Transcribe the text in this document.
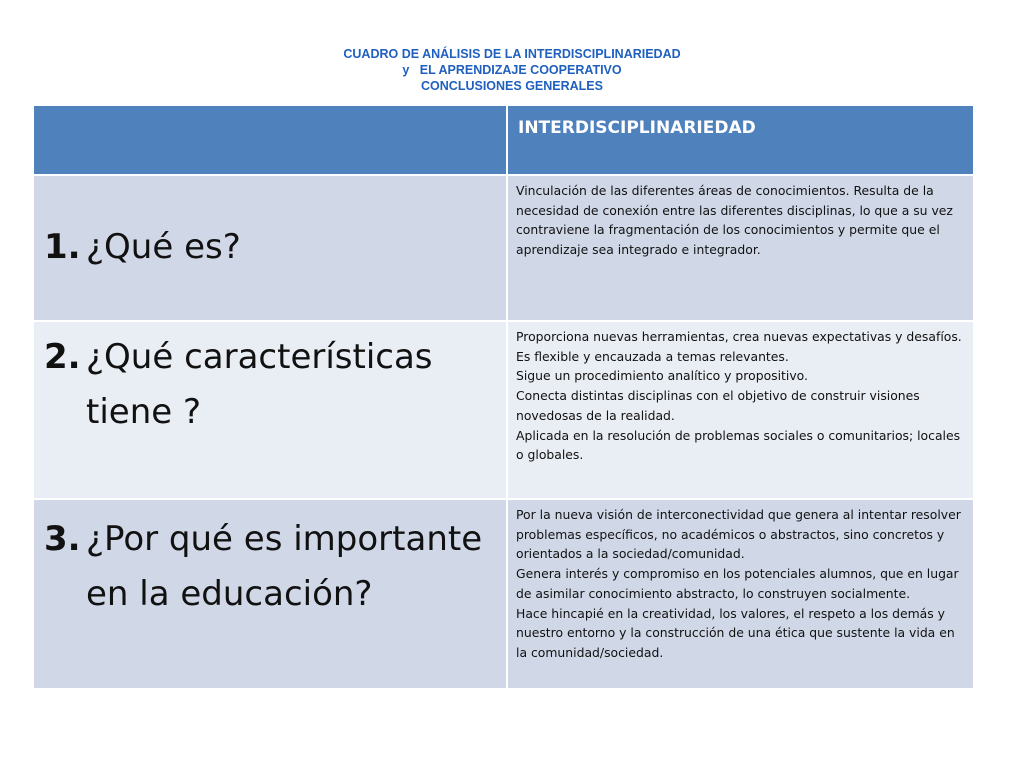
CUADRO DE ANÁLISIS DE LA INTERDISCIPLINARIEDAD
y   EL APRENDIZAJE COOPERATIVO
CONCLUSIONES GENERALES

	INTERDISCIPLINARIEDAD

1. ¿Qué es?	Vinculación de las diferentes áreas de conocimientos. Resulta de la necesidad de conexión entre las diferentes disciplinas, lo que a su vez contraviene la fragmentación de los conocimientos y permite que el aprendizaje sea integrado e integrador.

2. ¿Qué características tiene ?	Proporciona nuevas herramientas, crea nuevas expectativas y desafíos.
Es flexible y encauzada a temas relevantes.
Sigue un procedimiento analítico y propositivo.
Conecta distintas disciplinas con el objetivo de construir visiones novedosas de la realidad.
Aplicada en la resolución de problemas sociales o comunitarios; locales o globales.

3. ¿Por qué es importante en la educación?	Por la nueva visión de interconectividad que genera al intentar resolver problemas específicos, no académicos o abstractos, sino concretos y orientados a la sociedad/comunidad.
Genera interés y compromiso en los potenciales alumnos, que en lugar de asimilar conocimiento abstracto, lo construyen socialmente.
Hace hincapié en la creatividad, los valores, el respeto a los demás y nuestro entorno y la construcción de una ética que sustente la vida en la comunidad/sociedad.
